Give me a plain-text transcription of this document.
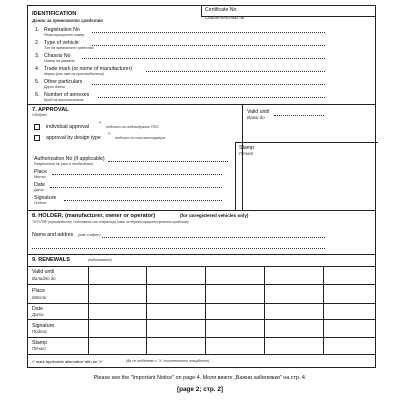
IDENTIFICATION
Данни за превозното средство
Certificate No
Свидетелство №
1. Registration No
Регистрационен номер
2. Type of vehicle
Тип на превозното средство
3. Chassis No
Номер на рамата
4. Trade mark (or name of manufacturer)
Марка (или име на производителя)
5. Other particulars
Други данни
6. Number of annexes
Брой на приложенията
7. APPROVAL
Одобрен	Valid until
Важи до
individual approval
*/
подхосm на индивидуално ППС
approval by design type
*/
подхосm по mun конструкция
Stamp
Печат
Authorization No (if applicable)
Разрешение № (ако е необходимо)
Place
Място
Date
Дата
Signature
Подпис
8. HOLDER, (manufacturer, owner or operator)	(for unregistered vehicles only)
ТИТУЛЯР (производител, собственик или оператор) (само за нерегистрирани превозни средства)
Name and addres (име и адрес)
9. RENEWALS	(подновяване)
Valid until
Валидно до
Place
Място
Date
Дата
Signature
Подпис
Stamp
Печат
*/ mark applicable alternative with an "x"	(да се отбележи с "x" съответното твърдение)
Please see the "Important Notice" on page 4. Моля вижте „Важни забележки" на стр. 4.
[page 2; стр. 2]
